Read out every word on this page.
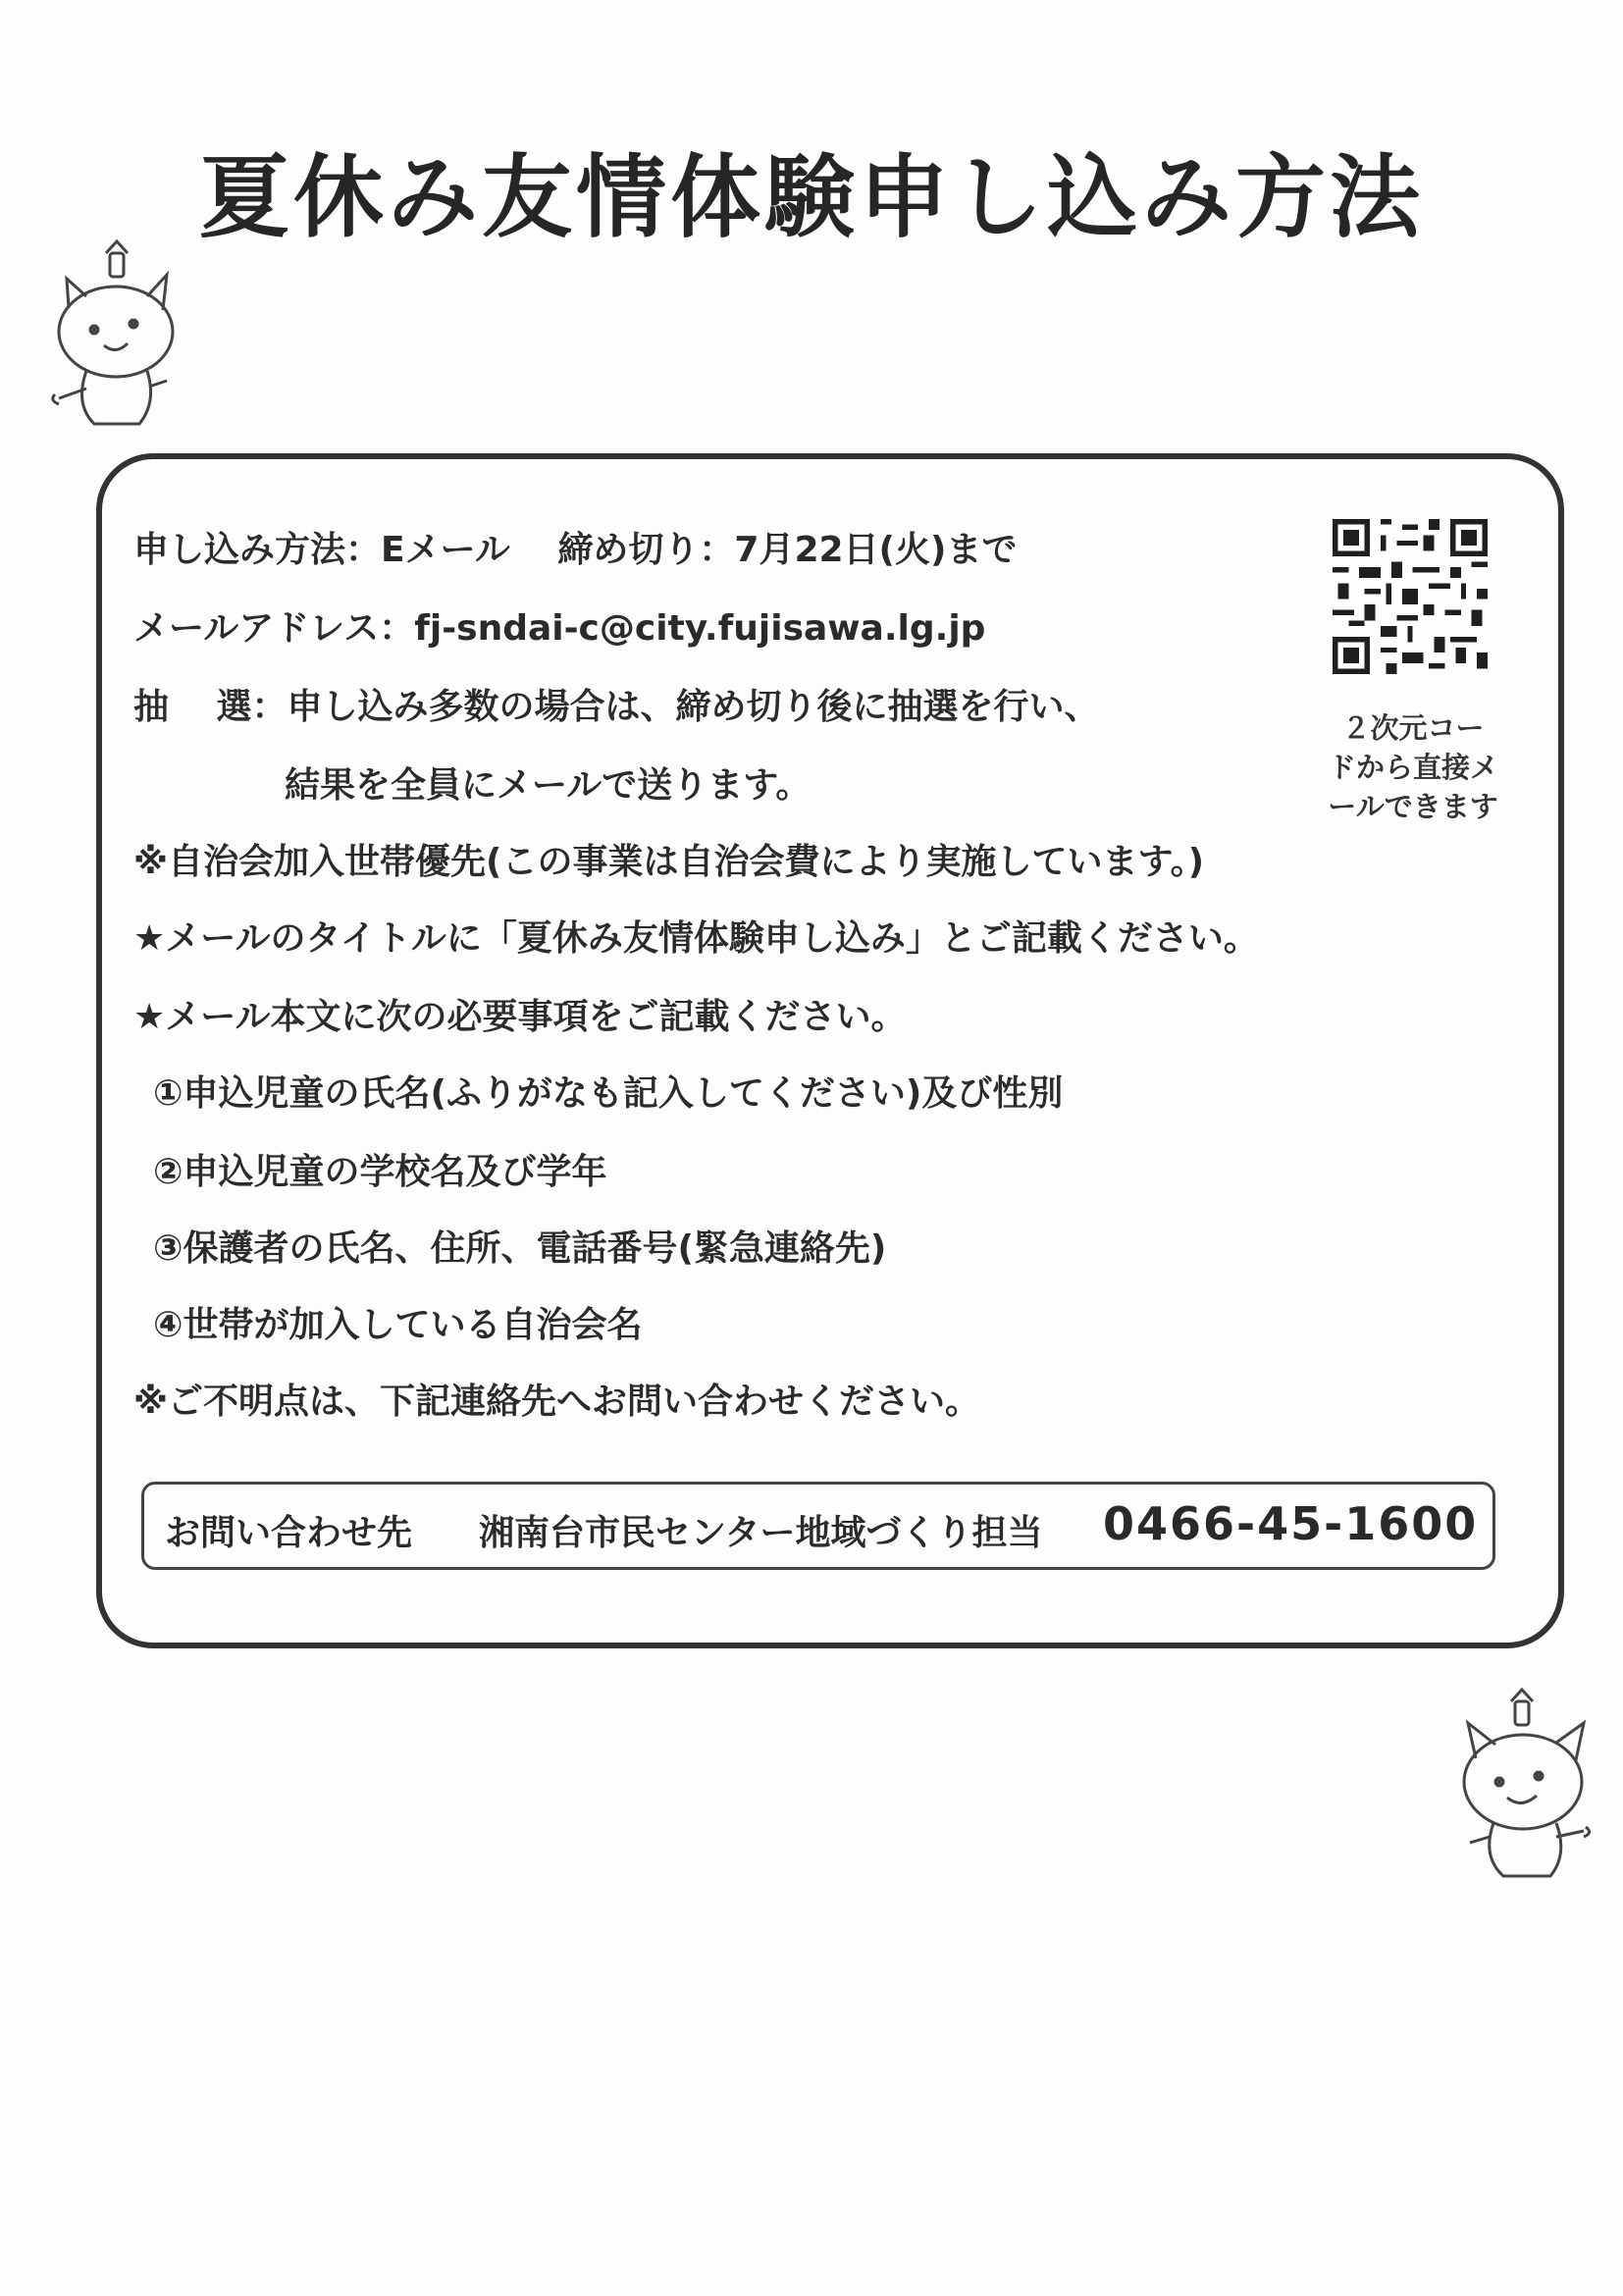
夏休み友情体験申し込み方法
申し込み方法：Eメール　 締め切り：7月22日(火)まで
メールアドレス：fj-sndai-c@city.fujisawa.lg.jp
抽　 選：申し込み多数の場合は、締め切り後に抽選を行い、
結果を全員にメールで送ります。
※自治会加入世帯優先(この事業は自治会費により実施しています。)
★メールのタイトルに「夏休み友情体験申し込み」とご記載ください。
★メール本文に次の必要事項をご記載ください。
①申込児童の氏名(ふりがなも記入してください)及び性別
②申込児童の学校名及び学年
③保護者の氏名、住所、電話番号(緊急連絡先)
④世帯が加入している自治会名
※ご不明点は、下記連絡先へお問い合わせください。
２次元コー
ドから直接メ
ールできます
お問い合わせ先 湘南台市民センター地域づくり担当 0466-45-1600
